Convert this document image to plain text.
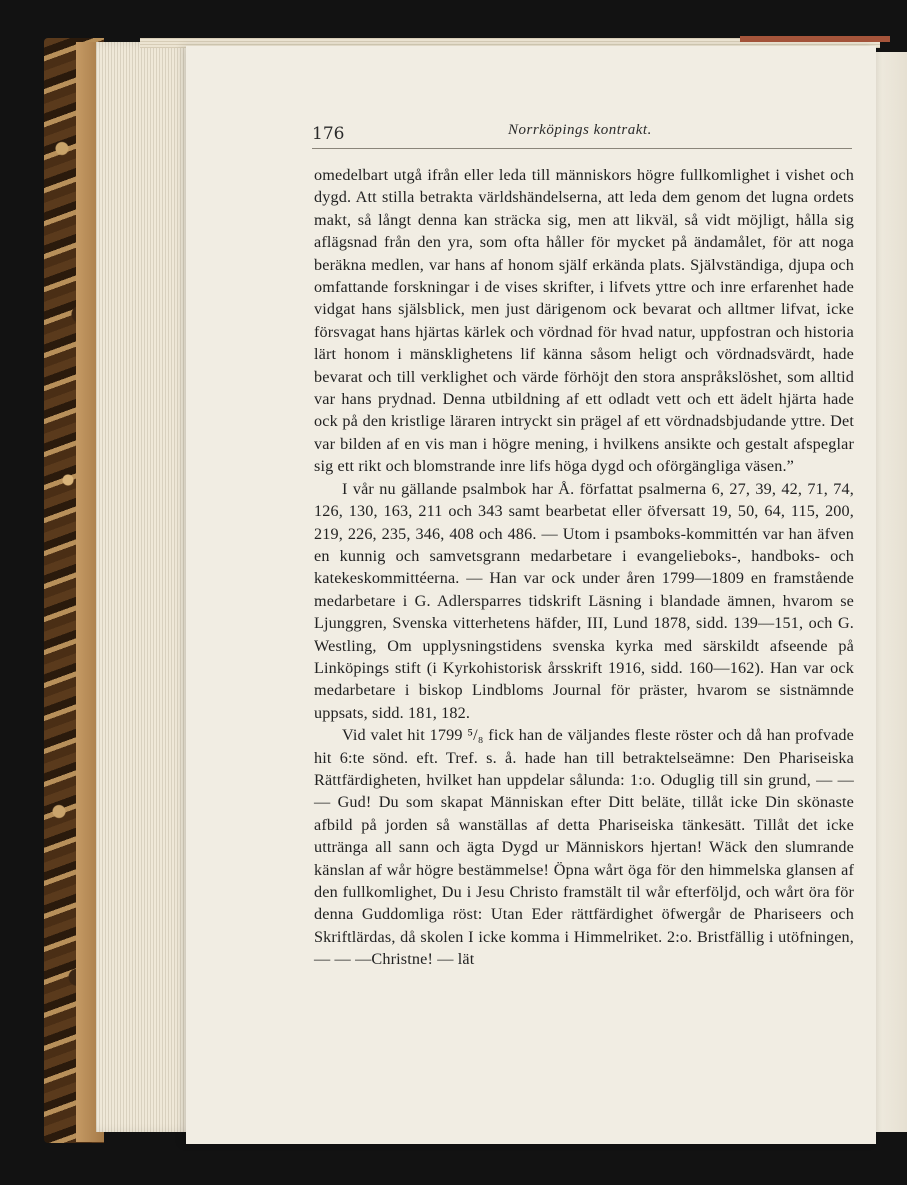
176	Norrköpings kontrakt.

omedelbart utgå ifrån eller leda till människors högre fullkomlighet i vishet och dygd. Att stilla betrakta världshändelserna, att leda dem genom det lugna ordets makt, så långt denna kan sträcka sig, men att likväl, så vidt möjligt, hålla sig aflägsnad från den yra, som ofta håller för mycket på ändamålet, för att noga beräkna medlen, var hans af honom själf erkända plats. Självständiga, djupa och omfattande forskningar i de vises skrifter, i lifvets yttre och inre erfarenhet hade vidgat hans själsblick, men just därigenom ock bevarat och alltmer lifvat, icke försvagat hans hjärtas kärlek och vördnad för hvad natur, uppfostran och historia lärt honom i mänsklighetens lif känna såsom heligt och vördnadsvärdt, hade bevarat och till verklighet och värde förhöjt den stora anspråkslöshet, som alltid var hans prydnad. Denna utbildning af ett odladt vett och ett ädelt hjärta hade ock på den kristlige läraren intryckt sin prägel af ett vördnadsbjudande yttre. Det var bilden af en vis man i högre mening, i hvilkens ansikte och gestalt afspeglar sig ett rikt och blomstrande inre lifs höga dygd och oförgängliga väsen.”

I vår nu gällande psalmbok har Å. författat psalmerna 6, 27, 39, 42, 71, 74, 126, 130, 163, 211 och 343 samt bearbetat eller öfversatt 19, 50, 64, 115, 200, 219, 226, 235, 346, 408 och 486. — Utom i psamboks-kommittén var han äfven en kunnig och samvetsgrann medarbetare i evangelieboks-, handboks- och katekeskommittéerna. — Han var ock under åren 1799—1809 en framstående medarbetare i G. Adlersparres tidskrift Läsning i blandade ämnen, hvarom se Ljunggren, Svenska vitterhetens häfder, III, Lund 1878, sidd. 139—151, och G. Westling, Om upplysningstidens svenska kyrka med särskildt afseende på Linköpings stift (i Kyrkohistorisk årsskrift 1916, sidd. 160—162). Han var ock medarbetare i biskop Lindbloms Journal för präster, hvarom se sistnämnde uppsats, sidd. 181, 182.

Vid valet hit 1799 ⁵/₈ fick han de väljandes fleste röster och då han profvade hit 6:te sönd. eft. Tref. s. å. hade han till betraktelseämne: Den Phariseiska Rättfärdigheten, hvilket han uppdelar sålunda: 1:o. Oduglig till sin grund, — — — Gud! Du som skapat Människan efter Ditt beläte, tillåt icke Din skönaste afbild på jorden så wanställas af detta Phariseiska tänkesätt. Tillåt det icke uttränga all sann och ägta Dygd ur Människors hjertan! Wäck den slumrande känslan af wår högre bestämmelse! Öpna wårt öga för den himmelska glansen af den fullkomlighet, Du i Jesu Christo framstält til wår efterföljd, och wårt öra för denna Guddomliga röst: Utan Eder rättfärdighet öfwergår de Phariseers och Skriftlärdas, då skolen I icke komma i Himmelriket. 2:o. Bristfällig i utöfningen, — — —Christne! — lät
